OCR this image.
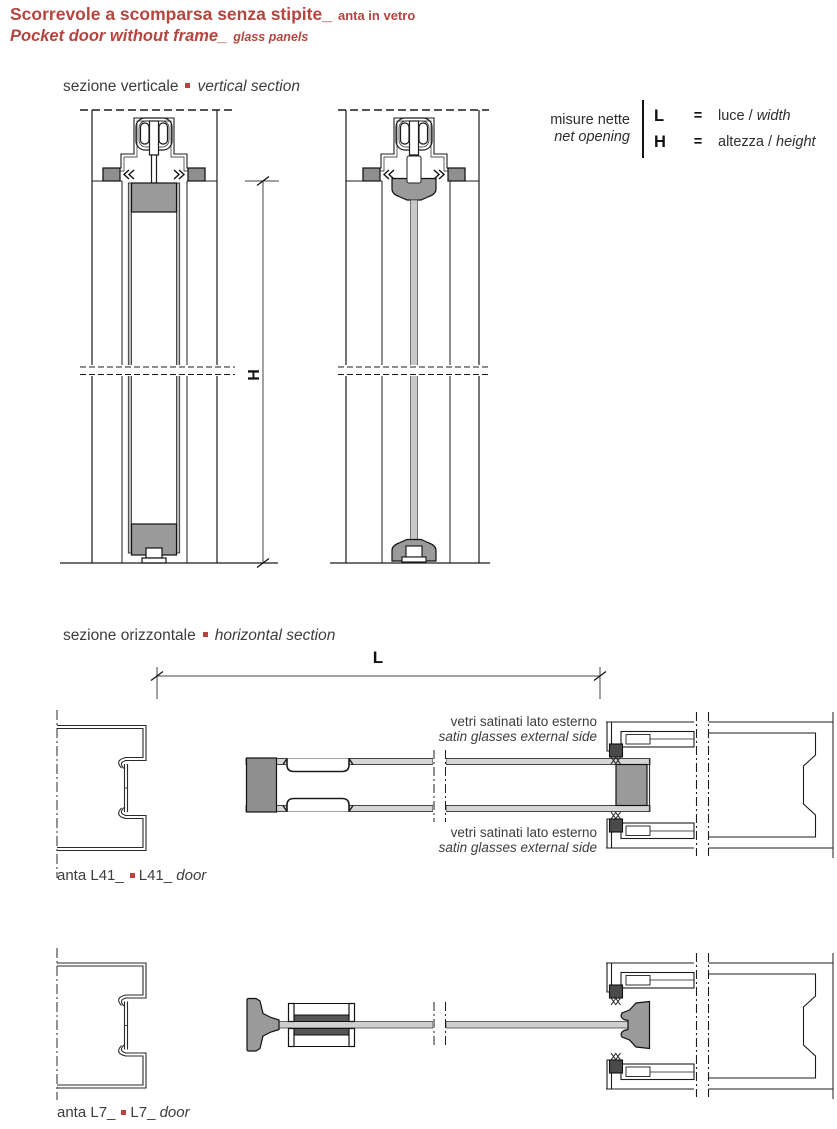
Scorrevole a scomparsa senza stipite_ anta in vetro
Pocket door without frame_ glass panels
sezione verticale vertical section
misure nette
net opening
L	=	luce / width
H	=	altezza / height
H
sezione orizzontale horizontal section
L
vetri satinati lato esterno
satin glasses external side
vetri satinati lato esterno
satin glasses external side
anta L41_ L41_ door
anta L7_ L7_ door
